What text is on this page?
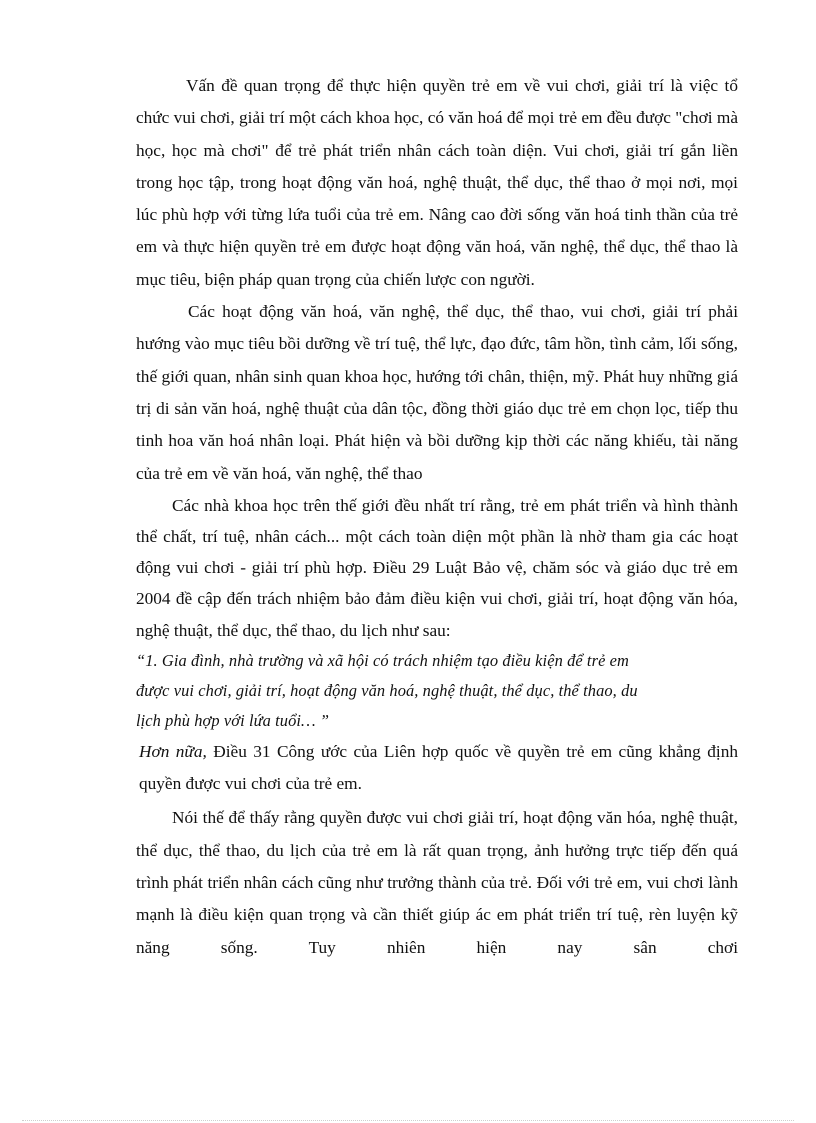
Vấn đề quan trọng để thực hiện quyền trẻ em về vui chơi, giải trí là việc tổ chức vui chơi, giải trí một cách khoa học, có văn hoá để mọi trẻ em đều được "chơi mà học, học mà chơi" để trẻ phát triển nhân cách toàn diện. Vui chơi, giải trí gắn liền trong học tập, trong hoạt động văn hoá, nghệ thuật, thể dục, thể thao ở mọi nơi, mọi lúc phù hợp với từng lứa tuổi của trẻ em. Nâng cao đời sống văn hoá tinh thần của trẻ em và thực hiện quyền trẻ em được hoạt động văn hoá, văn nghệ, thể dục, thể thao là mục tiêu, biện pháp quan trọng của chiến lược con người.

Các hoạt động văn hoá, văn nghệ, thể dục, thể thao, vui chơi, giải trí phải hướng vào mục tiêu bồi dưỡng về trí tuệ, thể lực, đạo đức, tâm hồn, tình cảm, lối sống, thế giới quan, nhân sinh quan khoa học, hướng tới chân, thiện, mỹ. Phát huy những giá trị di sản văn hoá, nghệ thuật của dân tộc, đồng thời giáo dục trẻ em chọn lọc, tiếp thu tinh hoa văn hoá nhân loại. Phát hiện và bồi dưỡng kịp thời các năng khiếu, tài năng của trẻ em về văn hoá, văn nghệ, thể thao

Các nhà khoa học trên thế giới đều nhất trí rằng, trẻ em phát triển và hình thành thể chất, trí tuệ, nhân cách... một cách toàn diện một phần là nhờ tham gia các hoạt động vui chơi - giải trí phù hợp. Điều 29 Luật Bảo vệ, chăm sóc và giáo dục trẻ em 2004 đề cập đến trách nhiệm bảo đảm điều kiện vui chơi, giải trí, hoạt động văn hóa, nghệ thuật, thể dục, thể thao, du lịch như sau:

“1. Gia đình, nhà trường và xã hội có trách nhiệm tạo điều kiện để trẻ em

được vui chơi, giải trí, hoạt động văn hoá, nghệ thuật, thể dục, thể thao, du

lịch phù hợp với lứa tuổi… ”

Hơn nữa, Điều 31 Công ước của Liên hợp quốc về quyền trẻ em cũng khẳng định quyền được vui chơi của trẻ em.

Nói thế để thấy rằng quyền được vui chơi giải trí, hoạt động văn hóa, nghệ thuật, thể dục, thể thao, du lịch của trẻ em là rất quan trọng, ảnh hưởng trực tiếp đến quá trình phát triển nhân cách cũng như trưởng thành của trẻ. Đối với trẻ em, vui chơi lành mạnh là điều kiện quan trọng và cần thiết giúp ác em phát triển trí tuệ, rèn luyện kỹ năng sống. Tuy nhiên hiện nay sân chơi
